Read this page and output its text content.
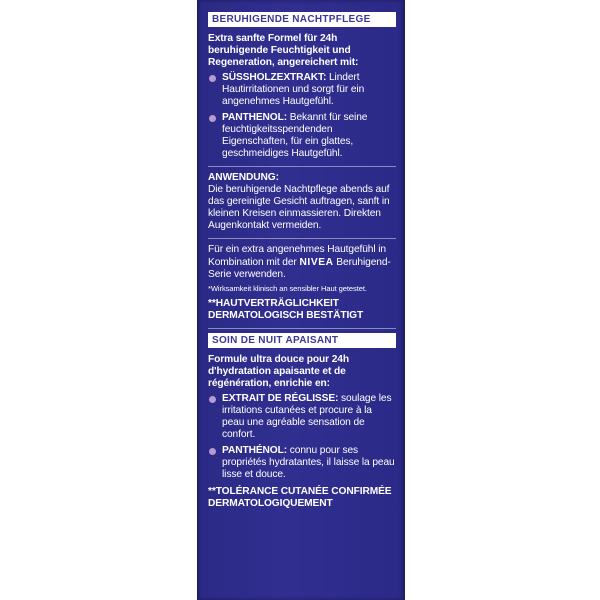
BERUHIGENDE NACHTPFLEGE
Extra sanfte Formel für 24h beruhigende Feuchtigkeit und Regeneration, angereichert mit:
SÜSSHOLZEXTRAKT: Lindert Hautirritationen und sorgt für ein angenehmes Hautgefühl.
PANTHENOL: Bekannt für seine feuchtigkeitsspendenden Eigenschaften, für ein glattes, geschmeidiges Hautgefühl.
ANWENDUNG:
Die beruhigende Nachtpflege abends auf das gereinigte Gesicht auftragen, sanft in kleinen Kreisen einmassieren. Direkten Augenkontakt vermeiden.
Für ein extra angenehmes Hautgefühl in Kombination mit der NIVEA Beruhigend-Serie verwenden.
*Wirksamkeit klinisch an sensibler Haut getestet.
**HAUTVERTRÄGLICHKEIT DERMATOLOGISCH BESTÄTIGT
SOIN DE NUIT APAISANT
Formule ultra douce pour 24h d'hydratation apaisante et de régénération, enrichie en:
EXTRAIT DE RÉGLISSE: soulage les irritations cutanées et procure à la peau une agréable sensation de confort.
PANTHÉNOL: connu pour ses propriétés hydratantes, il laisse la peau lisse et douce.
**TOLÉRANCE CUTANÉE CONFIRMÉE DERMATOLOGIQUEMENT
